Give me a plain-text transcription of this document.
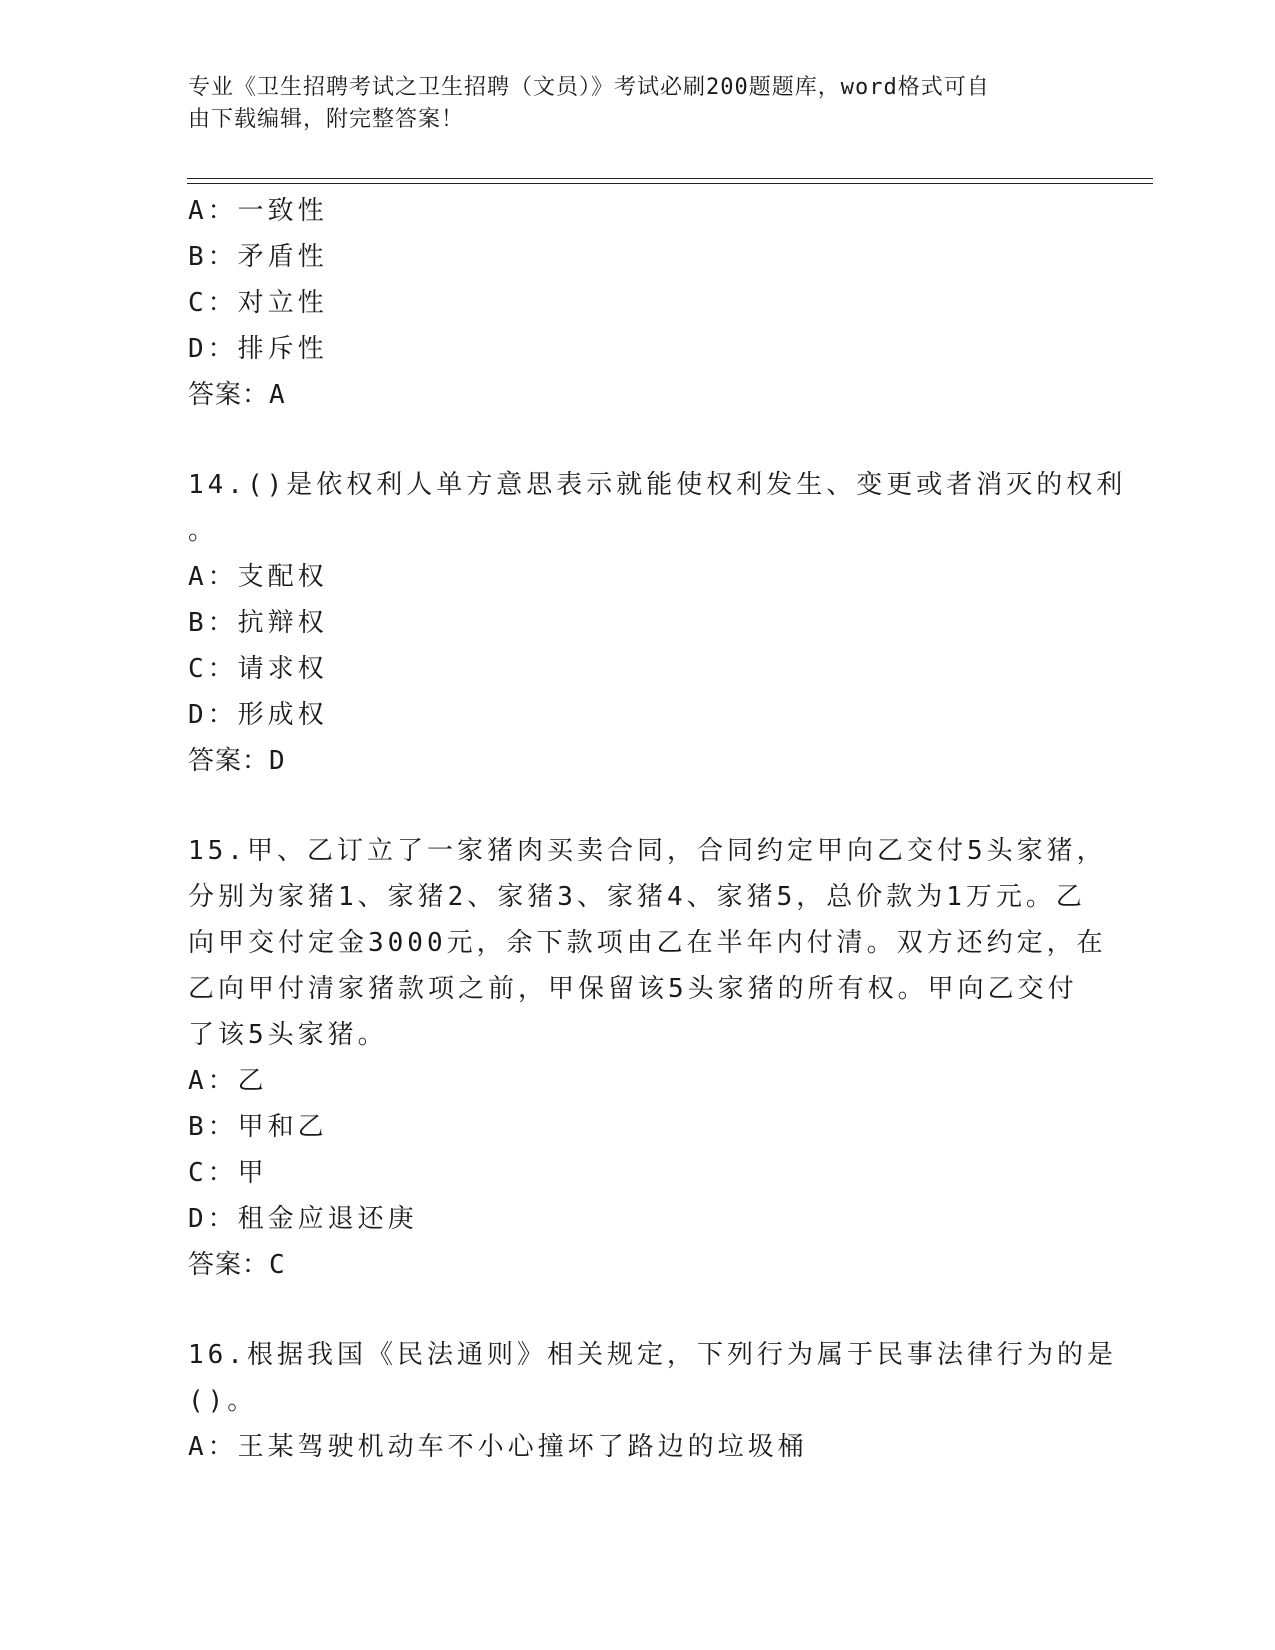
专业《卫生招聘考试之卫生招聘（文员）》考试必刷200题题库，word格式可自
由下载编辑，附完整答案！
A：一致性
B：矛盾性
C：对立性
D：排斥性
答案：A
14.()是依权利人单方意思表示就能使权利发生、变更或者消灭的权利
。
A：支配权
B：抗辩权
C：请求权
D：形成权
答案：D
15.甲、乙订立了一家猪肉买卖合同，合同约定甲向乙交付5头家猪，
分别为家猪1、家猪2、家猪3、家猪4、家猪5，总价款为1万元。乙
向甲交付定金3000元，余下款项由乙在半年内付清。双方还约定，在
乙向甲付清家猪款项之前，甲保留该5头家猪的所有权。甲向乙交付
了该5头家猪。
A：乙
B：甲和乙
C：甲
D：租金应退还庚
答案：C
16.根据我国《民法通则》相关规定，下列行为属于民事法律行为的是
()。
A：王某驾驶机动车不小心撞坏了路边的垃圾桶
